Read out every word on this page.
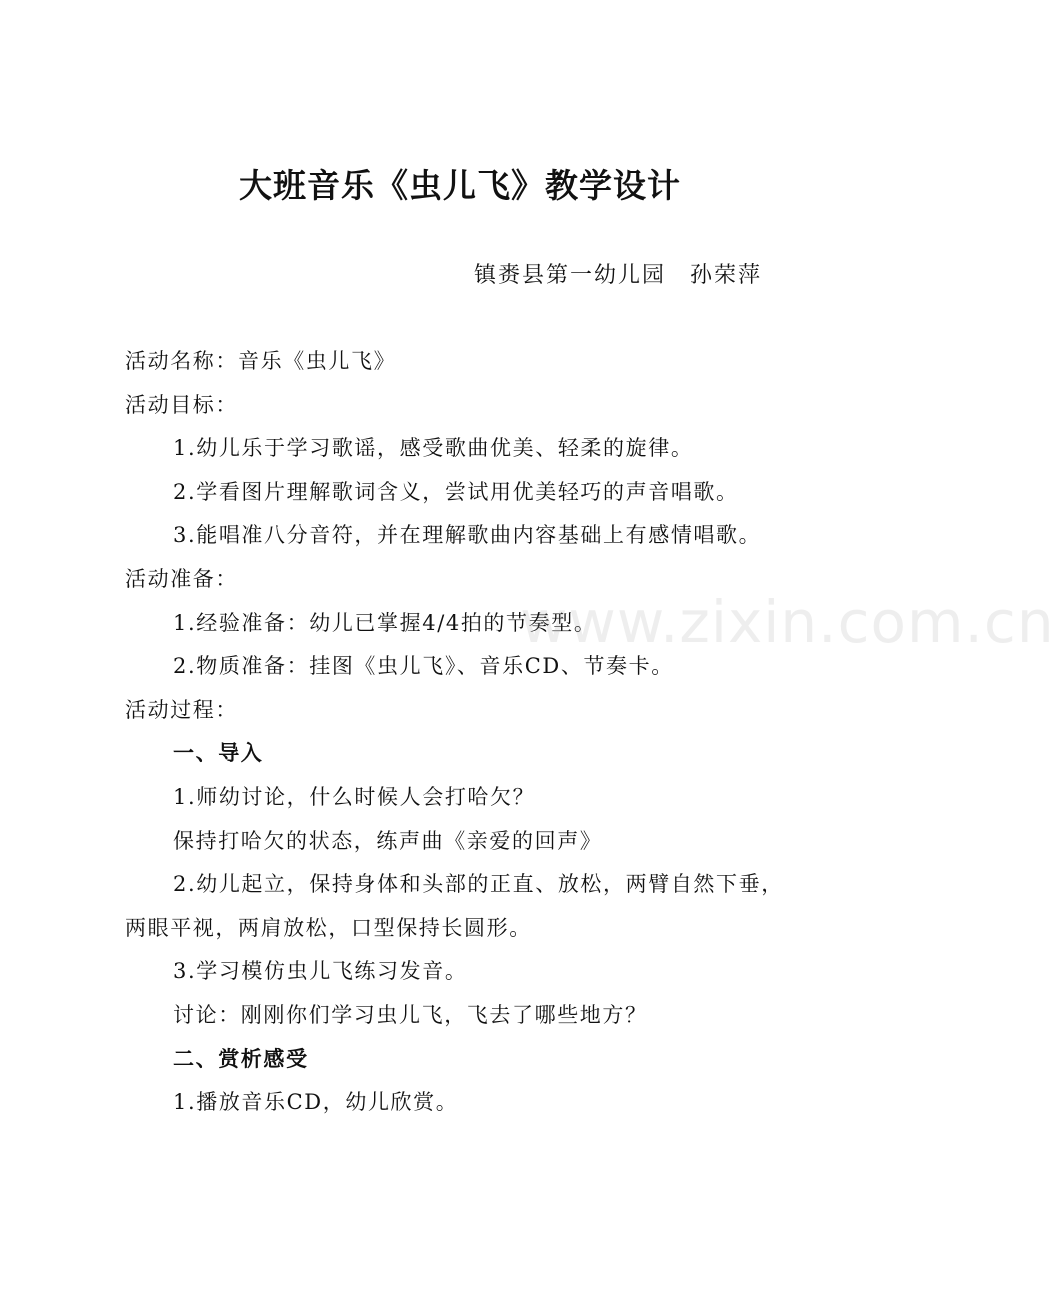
大班音乐《虫儿飞》教学设计
镇赉县第一幼儿园　孙荣萍
活动名称：音乐《虫儿飞》
活动目标：
1.幼儿乐于学习歌谣，感受歌曲优美、轻柔的旋律。
2.学看图片理解歌词含义，尝试用优美轻巧的声音唱歌。
3.能唱准八分音符，并在理解歌曲内容基础上有感情唱歌。
活动准备：
1.经验准备：幼儿已掌握4/4拍的节奏型。
2.物质准备：挂图《虫儿飞》、音乐CD、节奏卡。
活动过程：
一、导入
1.师幼讨论，什么时候人会打哈欠？
保持打哈欠的状态，练声曲《亲爱的回声》
2.幼儿起立，保持身体和头部的正直、放松，两臂自然下垂，
两眼平视，两肩放松，口型保持长圆形。
3.学习模仿虫儿飞练习发音。
讨论：刚刚你们学习虫儿飞，飞去了哪些地方？
二、赏析感受
1.播放音乐CD，幼儿欣赏。
www.zixin.com.cn
